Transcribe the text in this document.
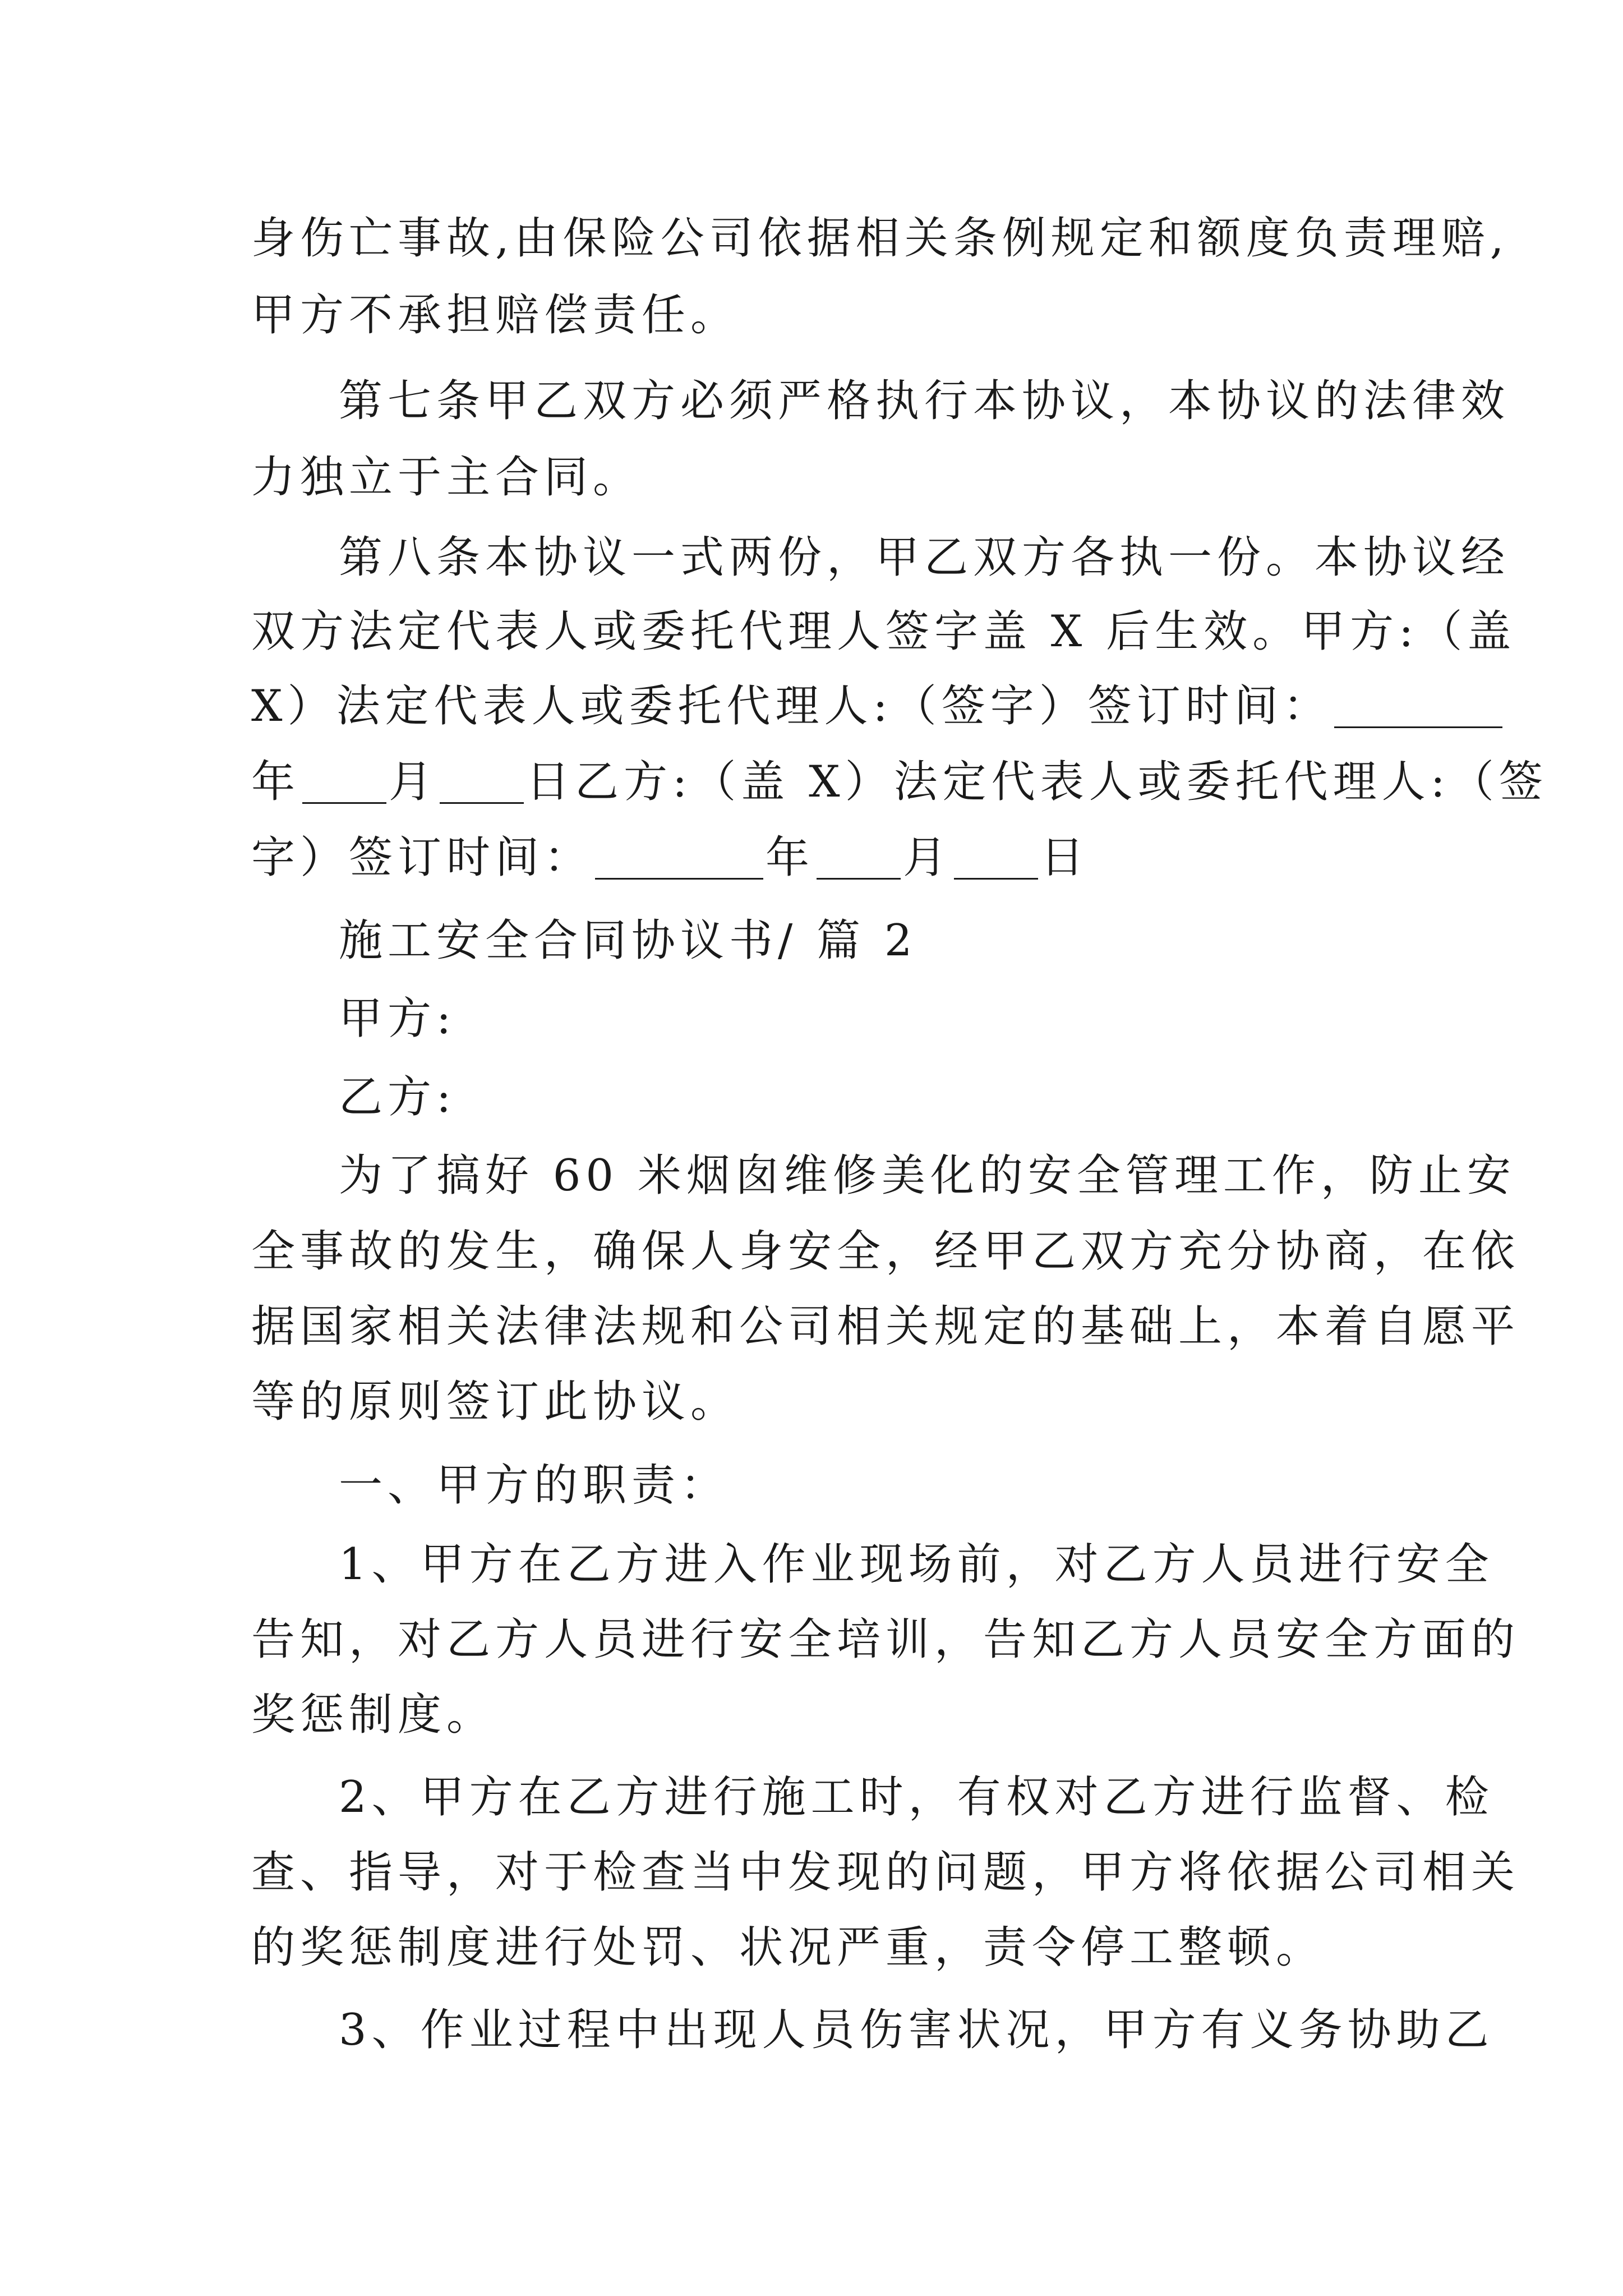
身伤亡事故,由保险公司依据相关条例规定和额度负责理赔,
甲方不承担赔偿责任。
第七条甲乙双方必须严格执行本协议，本协议的法律效
力独立于主合同。
第八条本协议一式两份，甲乙双方各执一份。本协议经
双方法定代表人或委托代理人签字盖 X 后生效。甲方:（盖
X）法定代表人或委托代理人:（签字）签订时间：
年 月 日乙方:（盖 X）法定代表人或委托代理人:（签
字）签订时间：	年 月 日
施工安全合同协议书/ 篇 2
甲方:
乙方:
为了搞好 60 米烟囱维修美化的安全管理工作，防止安
全事故的发生，确保人身安全，经甲乙双方充分协商，在依
据国家相关法律法规和公司相关规定的基础上，本着自愿平
等的原则签订此协议。
一、甲方的职责：
1、甲方在乙方进入作业现场前，对乙方人员进行安全
告知，对乙方人员进行安全培训，告知乙方人员安全方面的
奖惩制度。
2、甲方在乙方进行施工时，有权对乙方进行监督、检
查、指导，对于检查当中发现的问题，甲方将依据公司相关
的奖惩制度进行处罚、状况严重，责令停工整顿。
3、作业过程中出现人员伤害状况，甲方有义务协助乙
